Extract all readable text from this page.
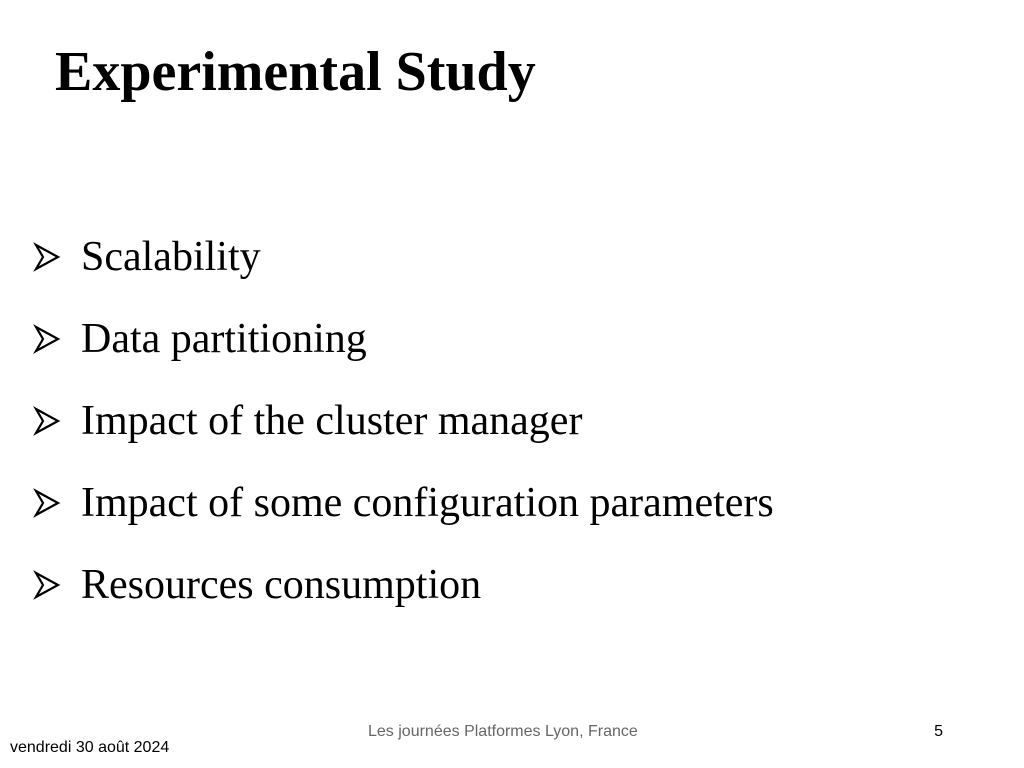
Experimental Study
Scalability
Data partitioning
Impact of the cluster manager
Impact of some configuration parameters
Resources consumption
Les journées Platformes Lyon, France	5
vendredi 30 août 2024
